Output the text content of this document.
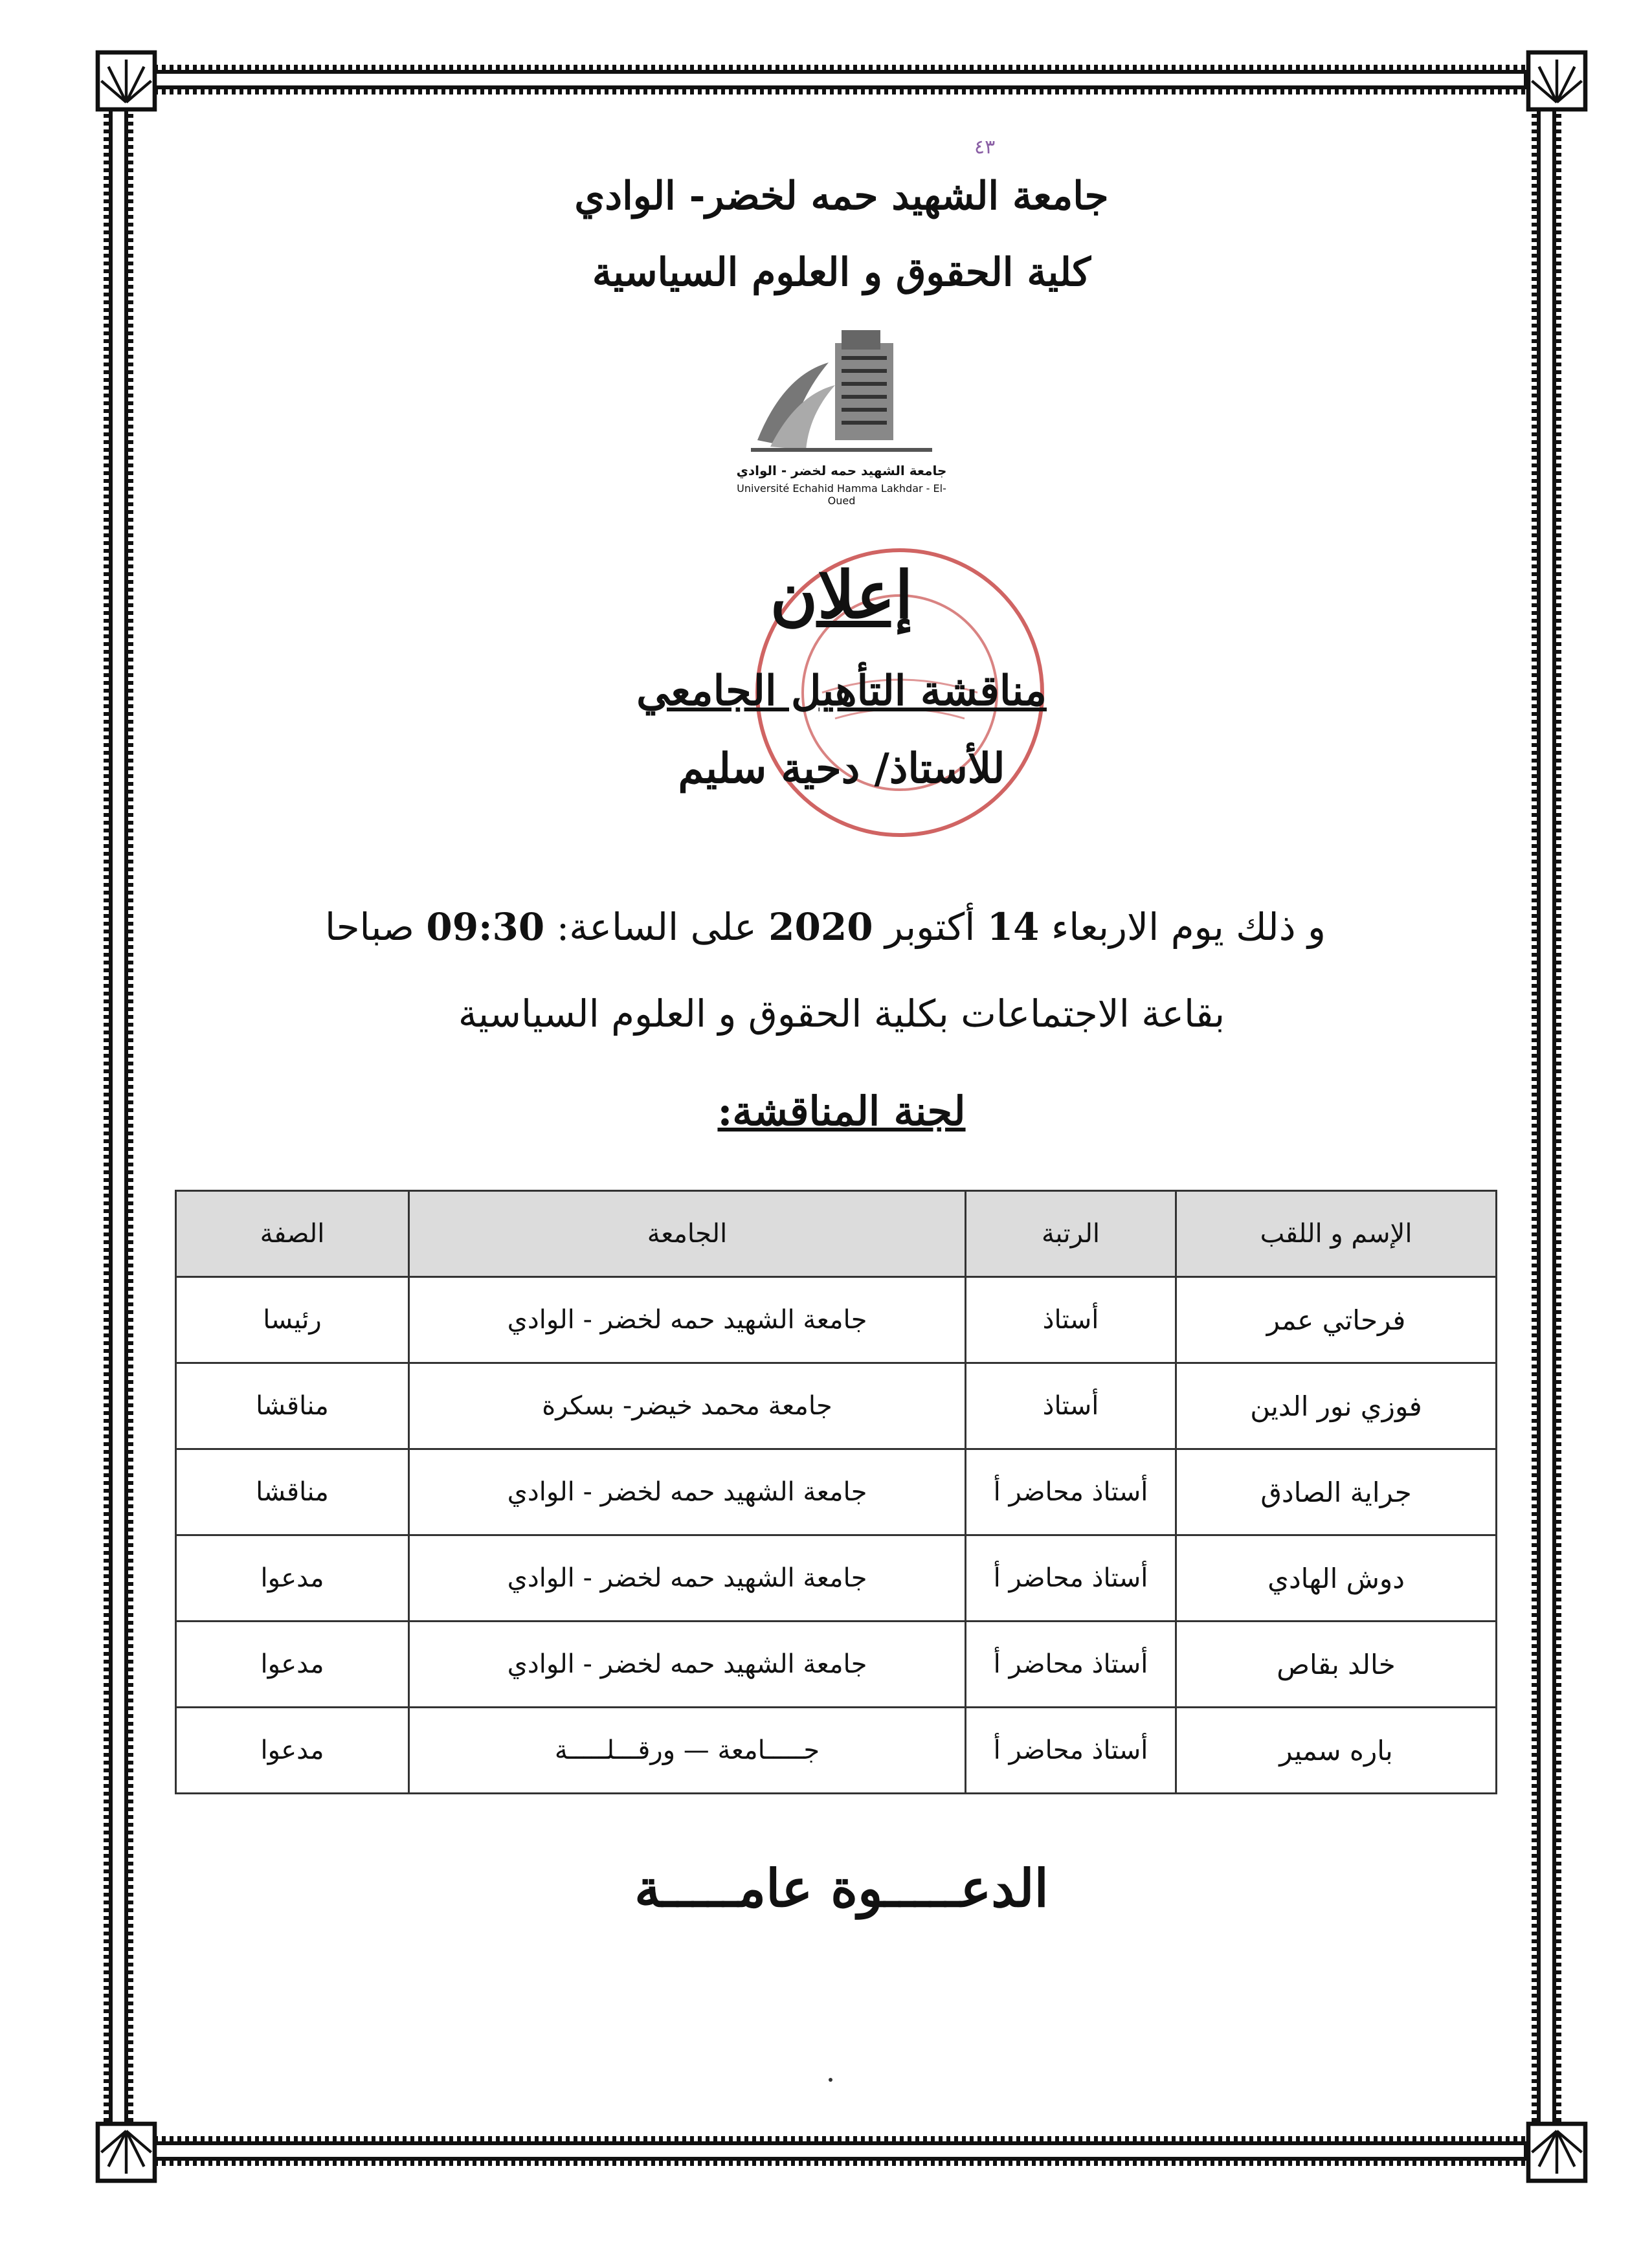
٤٣
جامعة الشهيد حمه لخضر- الوادي
كلية الحقوق و العلوم السياسية
جامعة الشهيد حمه لخضر - الوادي
Université Echahid Hamma Lakhdar - El-Oued
إعلان
مناقشة التأهيل الجامعي
للأستاذ/ دحية سليم
و ذلك يوم الاربعاء 14 أكتوبر 2020 على الساعة: 09:30 صباحا
بقاعة الاجتماعات بكلية الحقوق و العلوم السياسية
لجنة المناقشة:
الإسم و اللقب	الرتبة	الجامعة	الصفة
فرحاتي عمر	أستاذ	جامعة الشهيد حمه لخضر - الوادي	رئيسا
فوزي نور الدين	أستاذ	جامعة محمد خيضر- بسكرة	مناقشا
جراية الصادق	أستاذ محاضر أ	جامعة الشهيد حمه لخضر - الوادي	مناقشا
دوش الهادي	أستاذ محاضر أ	جامعة الشهيد حمه لخضر - الوادي	مدعوا
خالد بقاص	أستاذ محاضر أ	جامعة الشهيد حمه لخضر - الوادي	مدعوا
باره سمير	أستاذ محاضر أ	جـــــامعة — ورقـــلـــــة	مدعوا
الدعـــــوة عامـــــة
